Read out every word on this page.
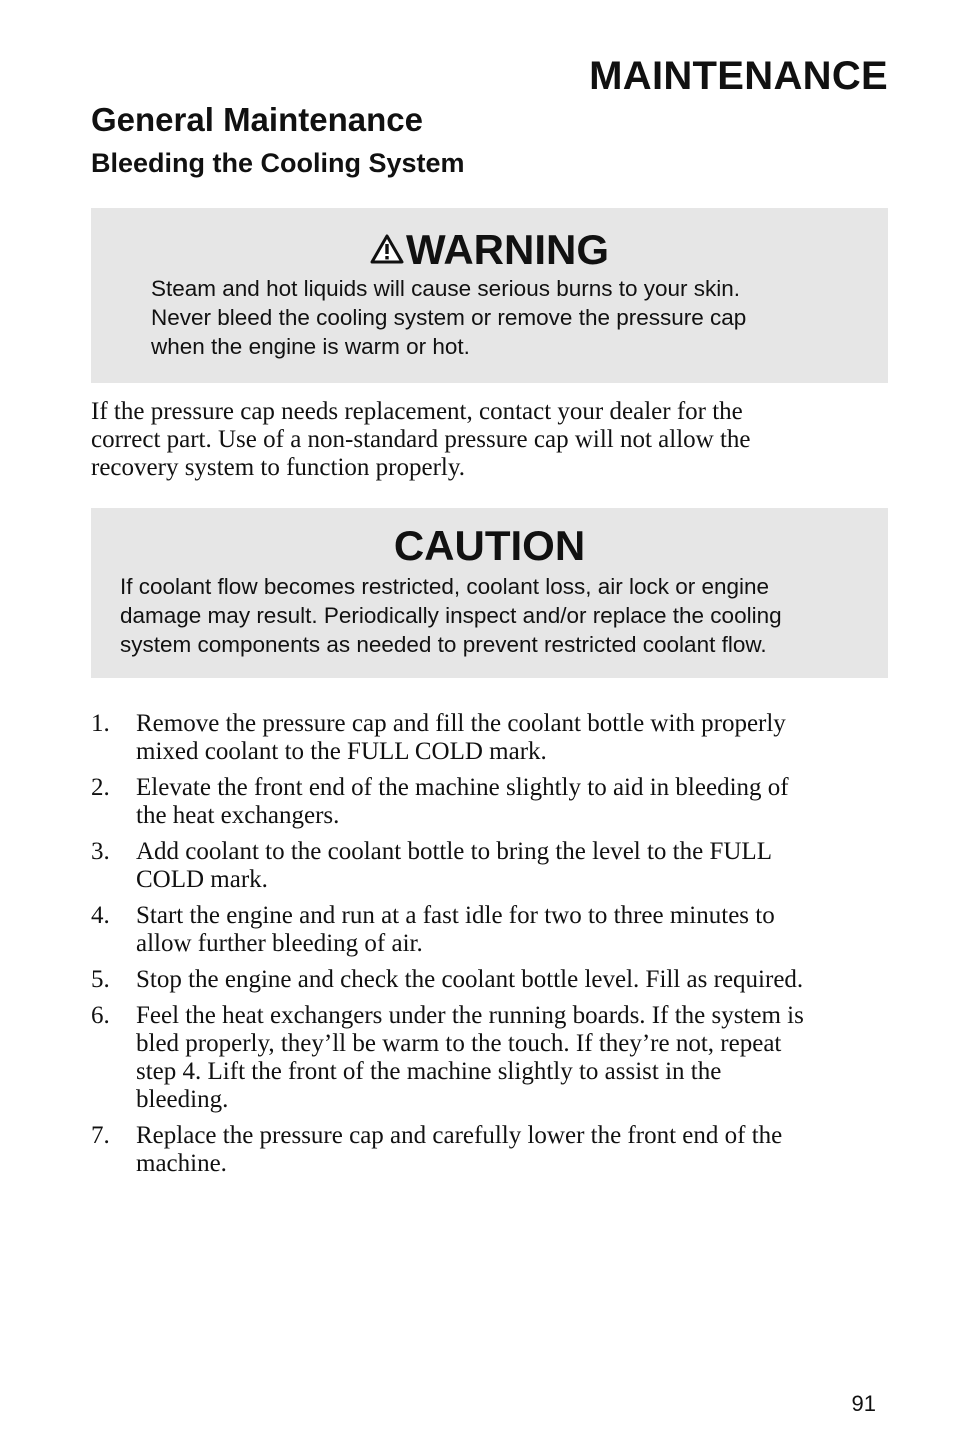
MAINTENANCE
General Maintenance
Bleeding the Cooling System
WARNING

Steam and hot liquids will cause serious burns to your skin.
Never bleed the cooling system or remove the pressure cap
when the engine is warm or hot.

If the pressure cap needs replacement, contact your dealer for the
correct part. Use of a non-standard pressure cap will not allow the
recovery system to function properly.

CAUTION

If coolant flow becomes restricted, coolant loss, air lock or engine
damage may result. Periodically inspect and/or replace the cooling
system components as needed to prevent restricted coolant flow.

1. Remove the pressure cap and fill the coolant bottle with properly
mixed coolant to the FULL COLD mark.
2. Elevate the front end of the machine slightly to aid in bleeding of
the heat exchangers.
3. Add coolant to the coolant bottle to bring the level to the FULL
COLD mark.
4. Start the engine and run at a fast idle for two to three minutes to
allow further bleeding of air.
5. Stop the engine and check the coolant bottle level. Fill as required.
6. Feel the heat exchangers under the running boards. If the system is
bled properly, they’ll be warm to the touch. If they’re not, repeat
step 4. Lift the front of the machine slightly to assist in the
bleeding.
7. Replace the pressure cap and carefully lower the front end of the
machine.

91
